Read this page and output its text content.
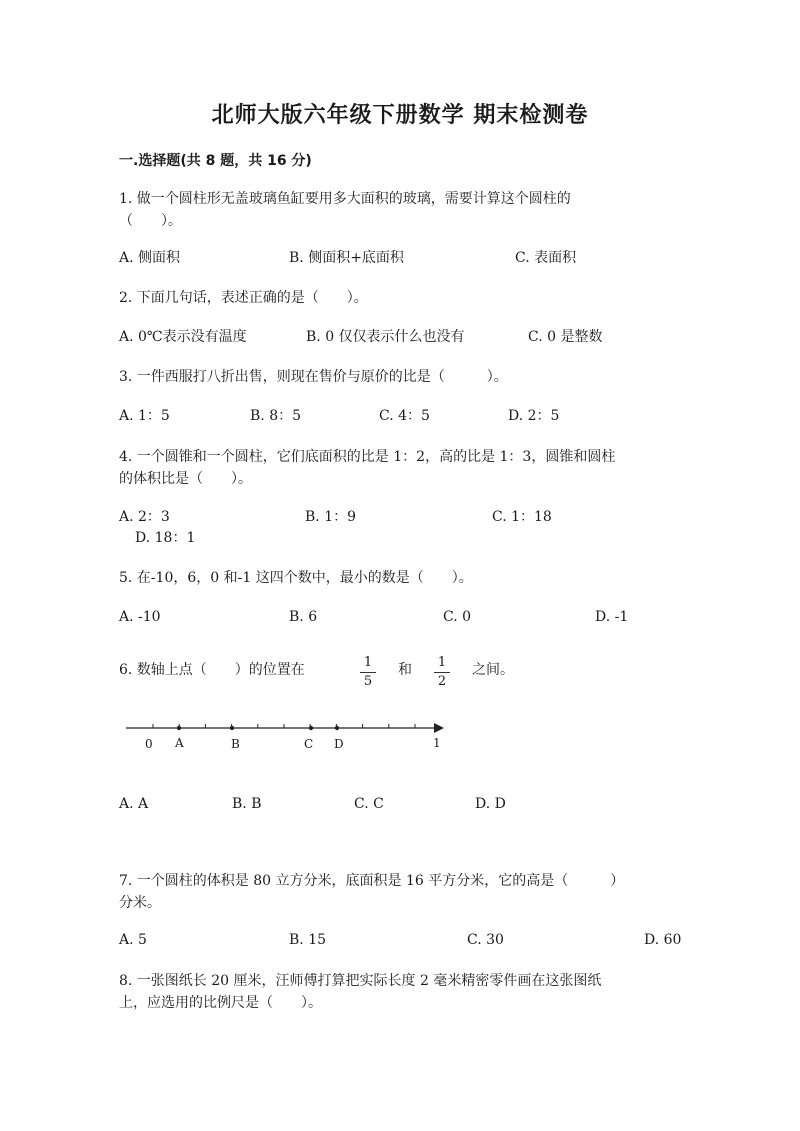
北师大版六年级下册数学 期末检测卷
一.选择题(共 8 题，共 16 分)
1. 做一个圆柱形无盖玻璃鱼缸要用多大面积的玻璃，需要计算这个圆柱的
（　　）。
A. 侧面积	B. 侧面积+底面积	C. 表面积
2. 下面几句话，表述正确的是（　　）。
A. 0℃表示没有温度	B. 0 仅仅表示什么也没有	C. 0 是整数
3. 一件西服打八折出售，则现在售价与原价的比是（　　　）。
A. 1：5	B. 8：5	C. 4：5	D. 2：5
4. 一个圆锥和一个圆柱，它们底面积的比是 1：2，高的比是 1：3，圆锥和圆柱
的体积比是（　　）。
A. 2：3	B. 1：9	C. 1：18
D. 18：1
5. 在-10，6，0 和-1 这四个数中，最小的数是（　　）。
A. -10	B. 6	C. 0	D. -1
6. 数轴上点（　　）的位置在	1
5
和 1
2
之间。
0 A	B	C D	1
A. A	B. B	C. C	D. D
7. 一个圆柱的体积是 80 立方分米，底面积是 16 平方分米，它的高是（　　　）
分米。
A. 5	B. 15	C. 30	D. 60
8. 一张图纸长 20 厘米，汪师傅打算把实际长度 2 毫米精密零件画在这张图纸
上，应选用的比例尺是（　　）。
